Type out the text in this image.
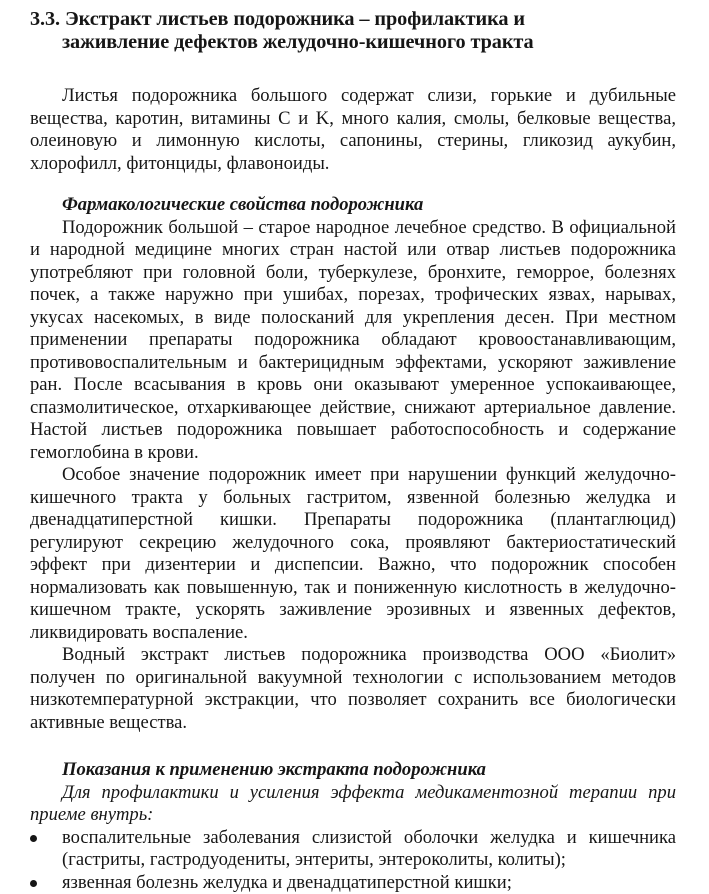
3.3. Экстракт листьев подорожника – профилактика и
заживление дефектов желудочно-кишечного тракта

Листья подорожника большого содержат слизи, горькие и дубильные вещества, каротин, витамины C и K, много калия, смолы, белковые вещества, олеиновую и лимонную кислоты, сапонины, стерины, гликозид аукубин, хлорофилл, фитонциды, флавоноиды.

Фармакологические свойства подорожника

Подорожник большой – старое народное лечебное средство. В официальной и народной медицине многих стран настой или отвар листьев подорожника употребляют при головной боли, туберкулезе, бронхите, геморрое, болезнях почек, а также наружно при ушибах, порезах, трофических язвах, нарывах, укусах насекомых, в виде полосканий для укрепления десен. При местном применении препараты подорожника обладают кровоостанавливающим, противовоспалительным и бактерицидным эффектами, ускоряют заживление ран. После всасывания в кровь они оказывают умеренное успокаивающее, спазмолитическое, отхаркивающее действие, снижают артериальное давление. Настой листьев подорожника повышает работоспособность и содержание гемоглобина в крови.

Особое значение подорожник имеет при нарушении функций желудочно-кишечного тракта у больных гастритом, язвенной болезнью желудка и двенадцатиперстной кишки. Препараты подорожника (плантаглюцид) регулируют секрецию желудочного сока, проявляют бактериостатический эффект при дизентерии и диспепсии. Важно, что подорожник способен нормализовать как повышенную, так и пониженную кислотность в желудочно-кишечном тракте, ускорять заживление эрозивных и язвенных дефектов, ликвидировать воспаление.

Водный экстракт листьев подорожника производства ООО «Биолит» получен по оригинальной вакуумной технологии с использованием методов низкотемпературной экстракции, что позволяет сохранить все биологически активные вещества.

Показания к применению экстракта подорожника

Для профилактики и усиления эффекта медикаментозной терапии при приеме внутрь:

воспалительные заболевания слизистой оболочки желудка и кишечника (гастриты, гастродуодениты, энтериты, энтероколиты, колиты);
язвенная болезнь желудка и двенадцатиперстной кишки;
